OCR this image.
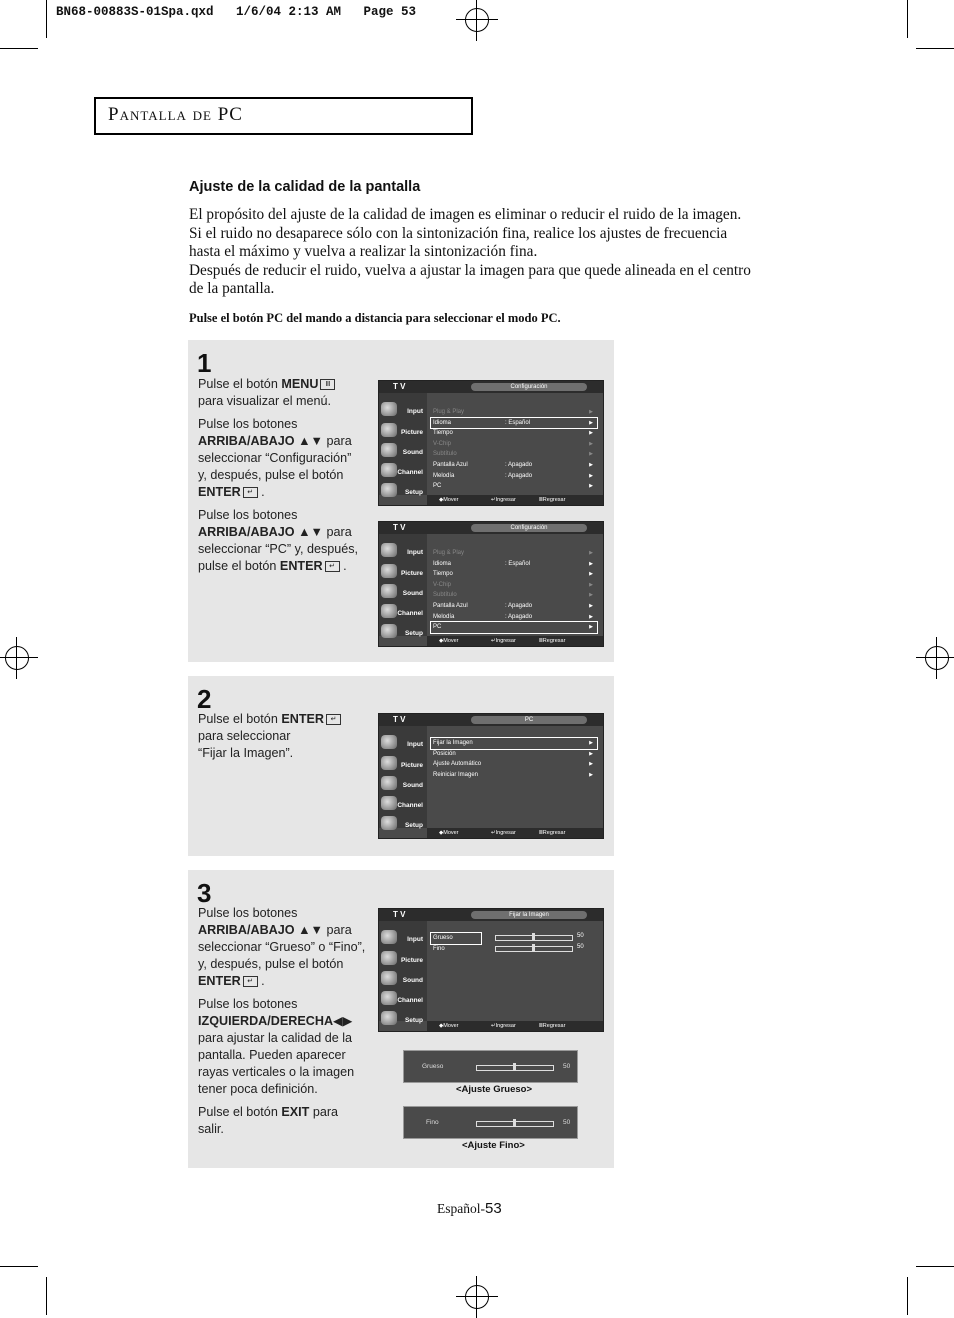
BN68-00883S-01Spa.qxd   1/6/04 2:13 AM   Page 53
Pantalla de PC
Ajuste de la calidad de la pantalla
El propósito del ajuste de la calidad de imagen es eliminar o reducir el ruido de la imagen.
Si el ruido no desaparece sólo con la sintonización fina, realice los ajustes de frecuencia
hasta el máximo y vuelva a realizar la sintonización fina.
Después de reducir el ruido, vuelva a ajustar la imagen para que quede alineada en el centro
de la pantalla.
Pulse el botón PC del mando a distancia para seleccionar el modo PC.
1

Pulse el botón MENU Ⅲ
para visualizar el menú.

Pulse los botones
ARRIBA/ABAJO ▲▼ para
seleccionar “Configuración”
y, después, pulse el botón
ENTER ↵ .

Pulse los botones
ARRIBA/ABAJO ▲▼ para
seleccionar “PC” y, después,
pulse el botón ENTER ↵ .

2

Pulse el botón ENTER ↵
para seleccionar
“Fijar la Imagen”.

3

Pulse los botones
ARRIBA/ABAJO ▲▼ para
seleccionar “Grueso” o “Fino”,
y, después, pulse el botón
ENTER ↵ .

Pulse los botones
IZQUIERDA/DERECHA◀▶
para ajustar la calidad de la
pantalla. Pueden aparecer
rayas verticales o la imagen
tener poca definición.

Pulse el botón EXIT para
salir.

T V	Configuración
Input
Picture
Sound
Channel
Setup
Plug & Play	▶
Idioma	: Español	▶
Tiempo	▶
V-Chip	▶
Subtítulo	▶
Pantalla Azul	: Apagado	▶
Melodía	: Apagado	▶
PC	▶
◆ Mover	↵ Ingresar	Ⅲ Regresar
T V	Configuración
Input
Picture
Sound
Channel
Setup
Plug & Play	▶
Idioma	: Español	▶
Tiempo	▶
V-Chip	▶
Subtítulo	▶
Pantalla Azul	: Apagado	▶
Melodía	: Apagado	▶
PC	▶
◆ Mover	↵ Ingresar	Ⅲ Regresar
T V	PC
Input
Picture
Sound
Channel
Setup
Fijar la Imagen	▶
Posición	▶
Ajuste Automático	▶
Reiniciar Imagen	▶
◆ Mover	↵ Ingresar	Ⅲ Regresar
T V	Fijar la Imagen
Input
Picture
Sound
Channel
Setup
Grueso	50
Fino	50
◆ Mover	↵ Ingresar	Ⅲ Regresar
Grueso	50
<Ajuste Grueso>
Fino	50
<Ajuste Fino>
Español-53
